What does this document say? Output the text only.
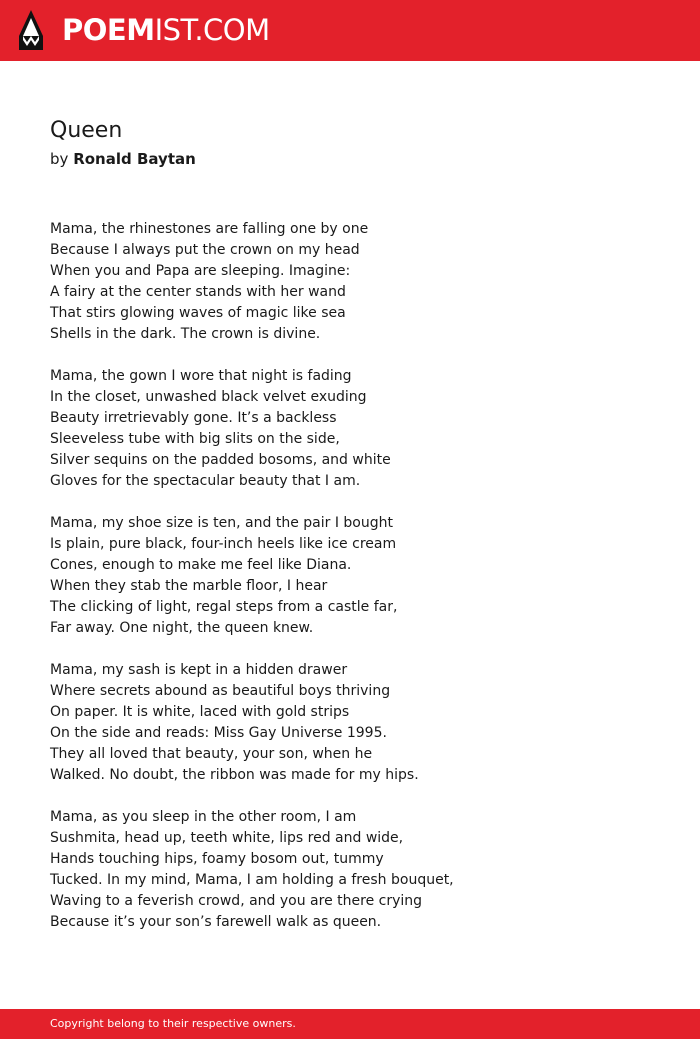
POEMIST.COM
Queen
by Ronald Baytan
Mama, the rhinestones are falling one by one
Because I always put the crown on my head
When you and Papa are sleeping. Imagine:
A fairy at the center stands with her wand
That stirs glowing waves of magic like sea
Shells in the dark. The crown is divine.
Mama, the gown I wore that night is fading
In the closet, unwashed black velvet exuding
Beauty irretrievably gone. It’s a backless
Sleeveless tube with big slits on the side,
Silver sequins on the padded bosoms, and white
Gloves for the spectacular beauty that I am.
Mama, my shoe size is ten, and the pair I bought
Is plain, pure black, four-inch heels like ice cream
Cones, enough to make me feel like Diana.
When they stab the marble floor, I hear
The clicking of light, regal steps from a castle far,
Far away. One night, the queen knew.
Mama, my sash is kept in a hidden drawer
Where secrets abound as beautiful boys thriving
On paper. It is white, laced with gold strips
On the side and reads: Miss Gay Universe 1995.
They all loved that beauty, your son, when he
Walked. No doubt, the ribbon was made for my hips.
Mama, as you sleep in the other room, I am
Sushmita, head up, teeth white, lips red and wide,
Hands touching hips, foamy bosom out, tummy
Tucked. In my mind, Mama, I am holding a fresh bouquet,
Waving to a feverish crowd, and you are there crying
Because it’s your son’s farewell walk as queen.
Copyright belong to their respective owners.
